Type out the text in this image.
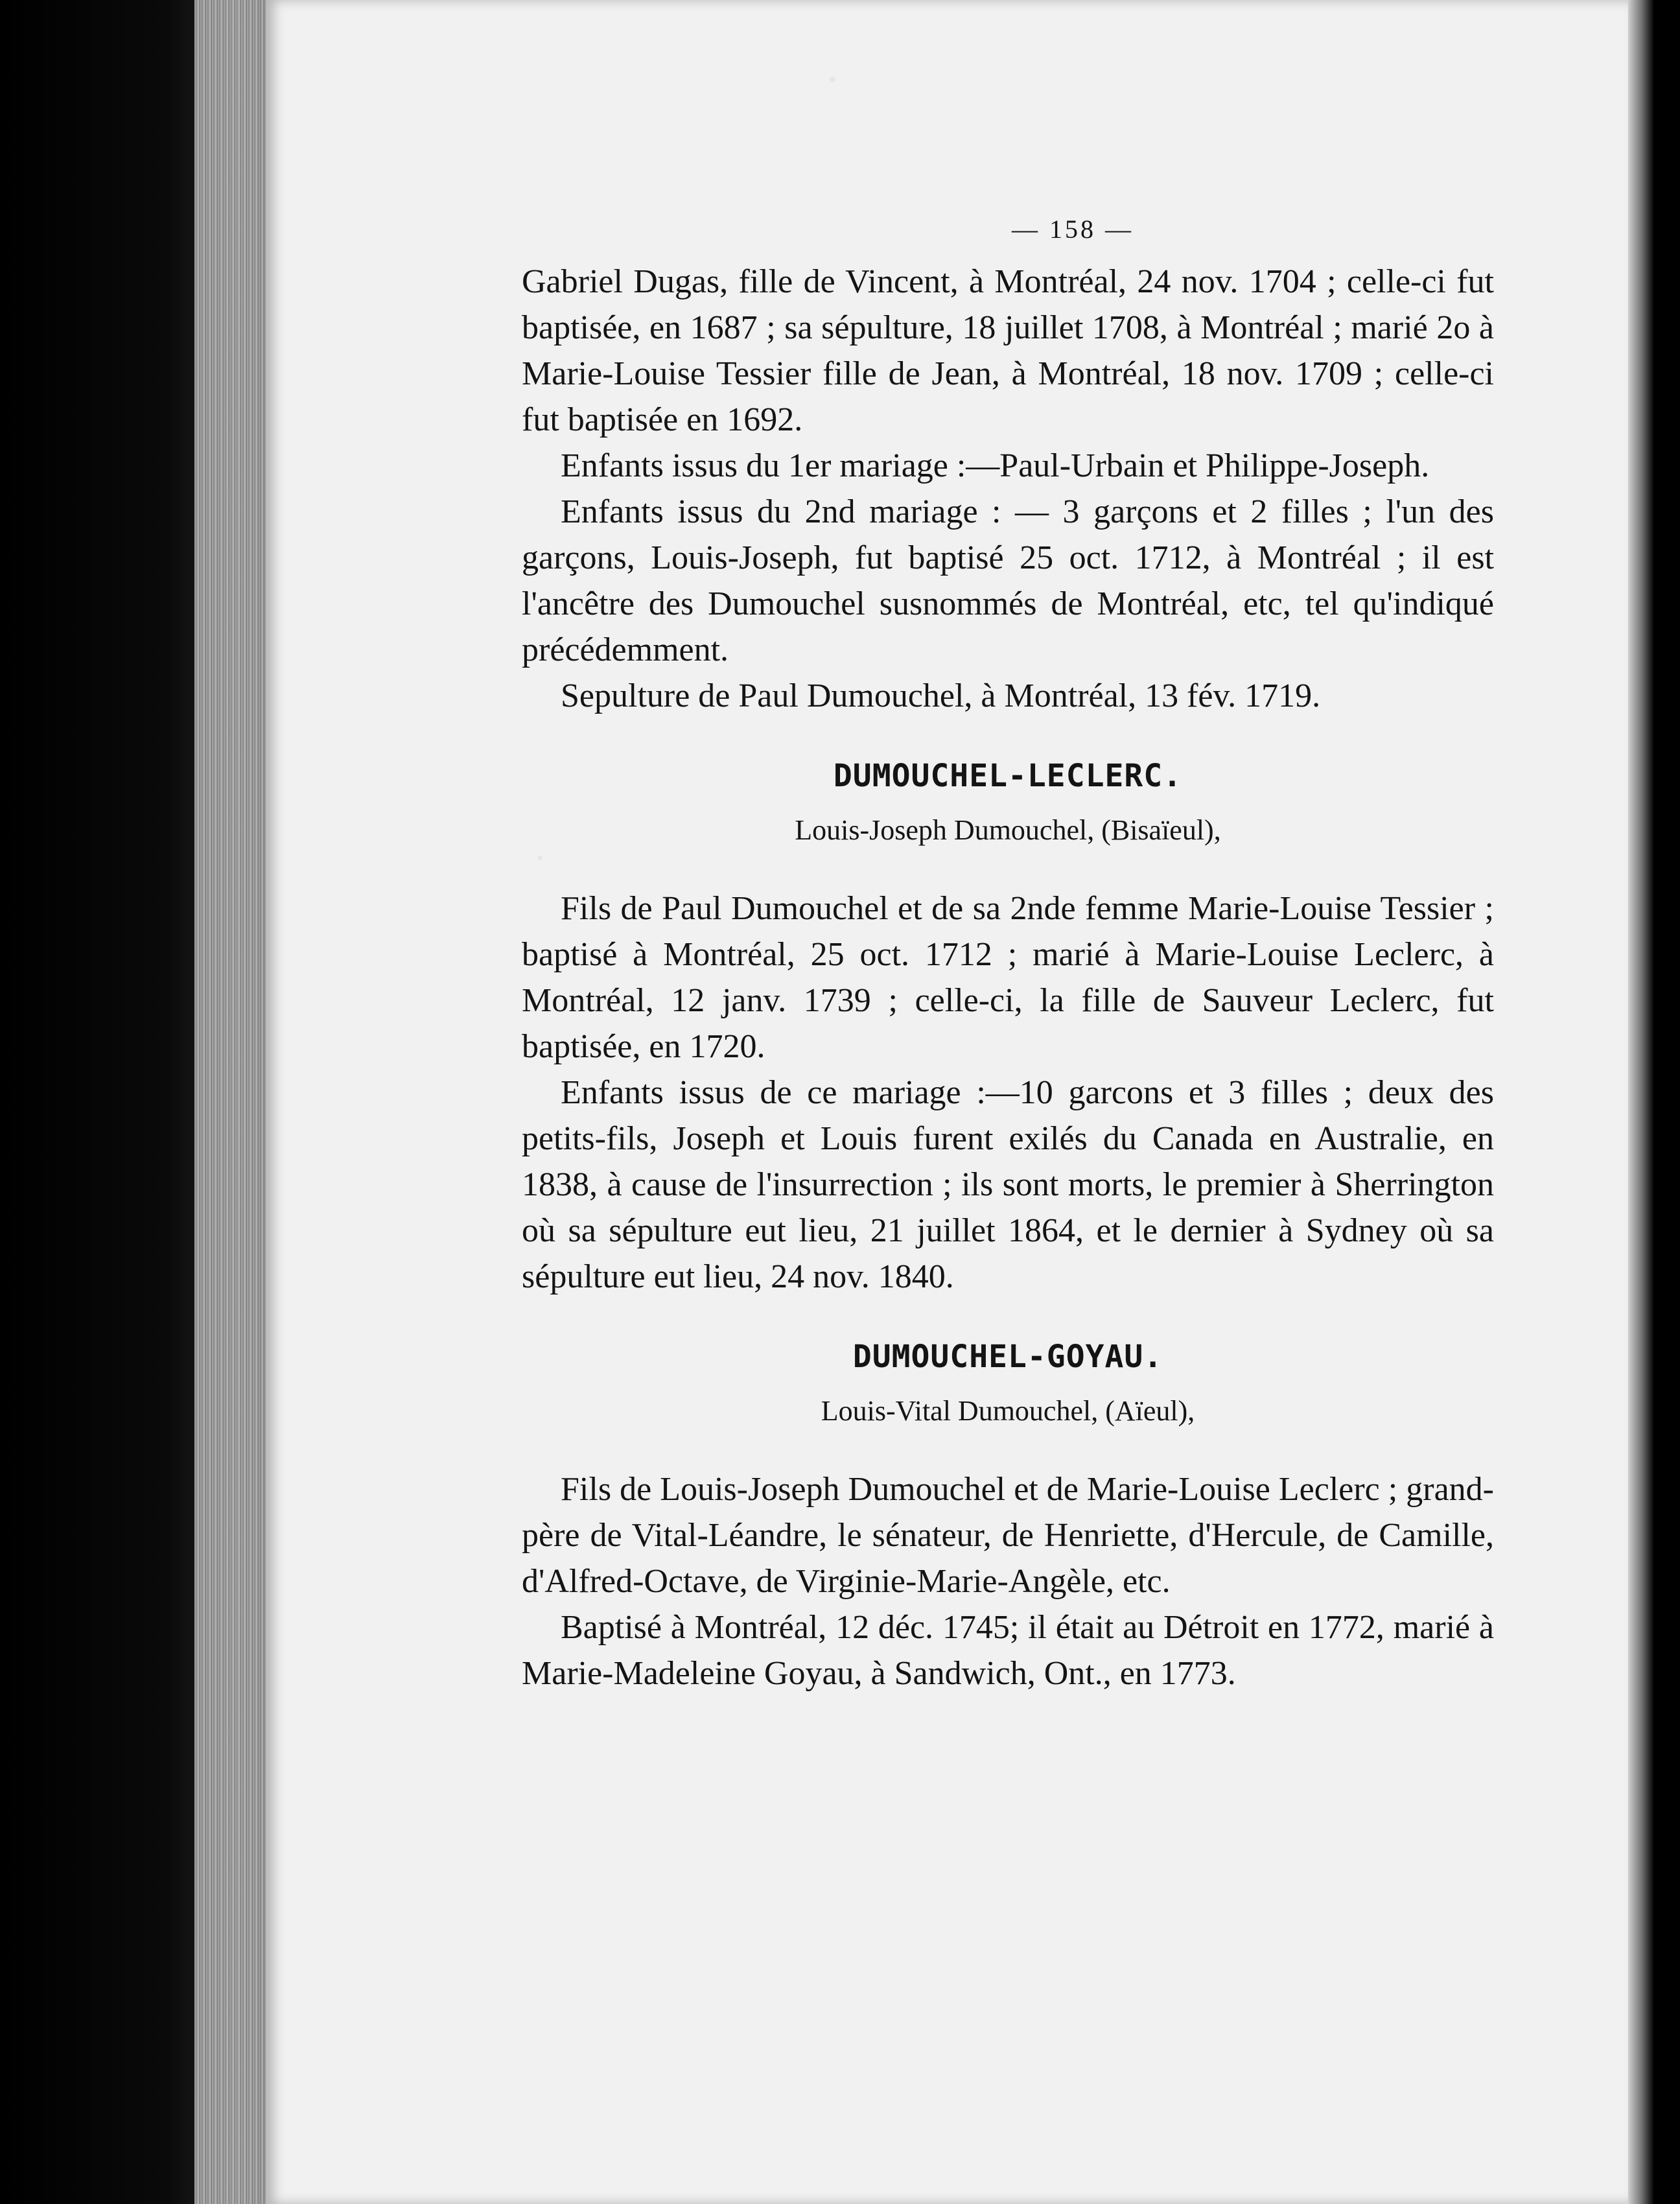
— 158 —

Gabriel Dugas, fille de Vincent, à Montréal, 24 nov. 1704 ; celle-ci fut baptisée, en 1687 ; sa sépulture, 18 juillet 1708, à Montréal ; marié 2o à Marie-Louise Tessier fille de Jean, à Montréal, 18 nov. 1709 ; celle-ci fut baptisée en 1692.

Enfants issus du 1er mariage :—Paul-Urbain et Philippe-Joseph.

Enfants issus du 2nd mariage : — 3 garçons et 2 filles ; l'un des garçons, Louis-Joseph, fut baptisé 25 oct. 1712, à Montréal ; il est l'ancêtre des Dumouchel susnommés de Montréal, etc, tel qu'indiqué précédemment.

Sepulture de Paul Dumouchel, à Montréal, 13 fév. 1719.

DUMOUCHEL-LECLERC.
Louis-Joseph Dumouchel, (Bisaïeul),

Fils de Paul Dumouchel et de sa 2nde femme Marie-Louise Tessier ; baptisé à Montréal, 25 oct. 1712 ; marié à Marie-Louise Leclerc, à Montréal, 12 janv. 1739 ; celle-ci, la fille de Sauveur Leclerc, fut baptisée, en 1720.

Enfants issus de ce mariage :—10 garcons et 3 filles ; deux des petits-fils, Joseph et Louis furent exilés du Canada en Australie, en 1838, à cause de l'insurrection ; ils sont morts, le premier à Sherrington où sa sépulture eut lieu, 21 juillet 1864, et le dernier à Sydney où sa sépulture eut lieu, 24 nov. 1840.

DUMOUCHEL-GOYAU.
Louis-Vital Dumouchel, (Aïeul),

Fils de Louis-Joseph Dumouchel et de Marie-Louise Leclerc ; grand-père de Vital-Léandre, le sénateur, de Henriette, d'Hercule, de Camille, d'Alfred-Octave, de Virginie-Marie-Angèle, etc.

Baptisé à Montréal, 12 déc. 1745; il était au Détroit en 1772, marié à Marie-Madeleine Goyau, à Sandwich, Ont., en 1773.
